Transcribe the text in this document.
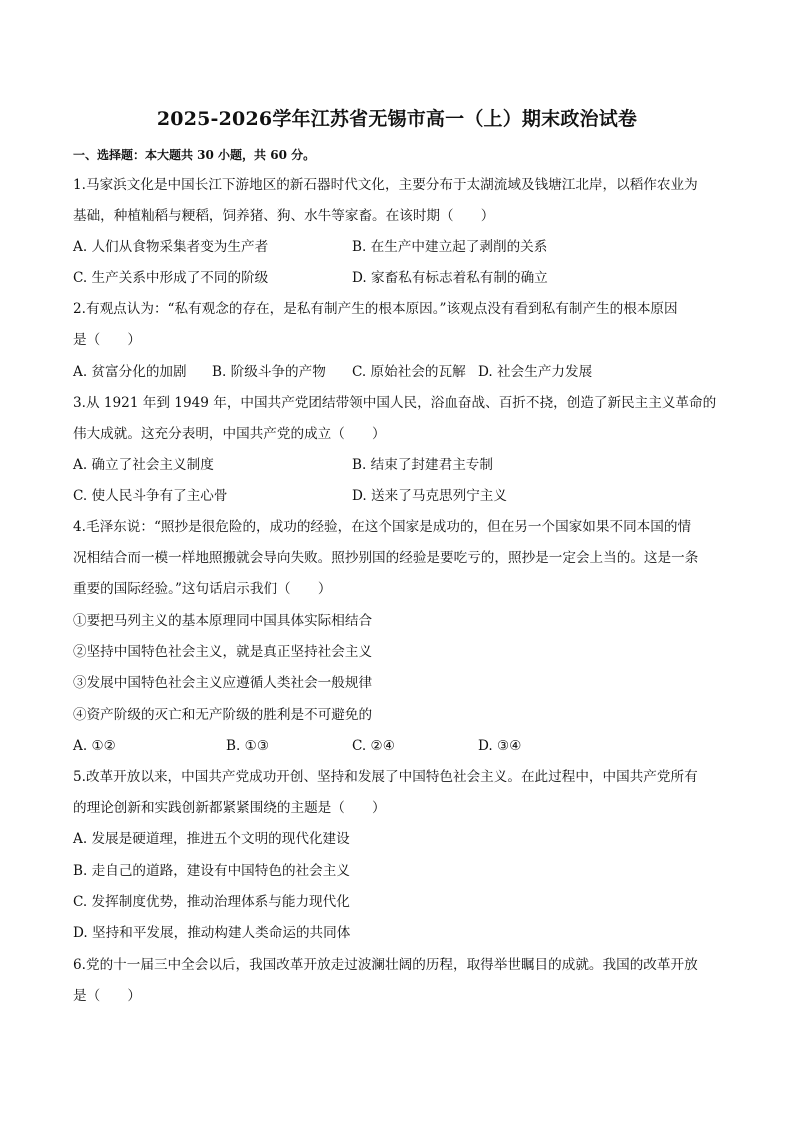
2025-2026学年江苏省无锡市高一（上）期末政治试卷
一、选择题：本大题共 30 小题，共 60 分。
1.马家浜文化是中国长江下游地区的新石器时代文化，主要分布于太湖流域及钱塘江北岸，以稻作农业为
基础，种植籼稻与粳稻，饲养猪、狗、水牛等家畜。在该时期（　　）
A. 人们从食物采集者变为生产者	B. 在生产中建立起了剥削的关系
C. 生产关系中形成了不同的阶级	D. 家畜私有标志着私有制的确立
2.有观点认为：“私有观念的存在，是私有制产生的根本原因。”该观点没有看到私有制产生的根本原因
是（　　）
A. 贫富分化的加剧 B. 阶级斗争的产物 C. 原始社会的瓦解 D. 社会生产力发展
3.从 1921 年到 1949 年，中国共产党团结带领中国人民，浴血奋战、百折不挠，创造了新民主主义革命的
伟大成就。这充分表明，中国共产党的成立（　　）
A. 确立了社会主义制度	B. 结束了封建君主专制
C. 使人民斗争有了主心骨	D. 送来了马克思列宁主义
4.毛泽东说：“照抄是很危险的，成功的经验，在这个国家是成功的，但在另一个国家如果不同本国的情
况相结合而一模一样地照搬就会导向失败。照抄别国的经验是要吃亏的，照抄是一定会上当的。这是一条
重要的国际经验。”这句话启示我们（　　）
①要把马列主义的基本原理同中国具体实际相结合
②坚持中国特色社会主义，就是真正坚持社会主义
③发展中国特色社会主义应遵循人类社会一般规律
④资产阶级的灭亡和无产阶级的胜利是不可避免的
A. ①②	B. ①③	C. ②④	D. ③④
5.改革开放以来，中国共产党成功开创、坚持和发展了中国特色社会主义。在此过程中，中国共产党所有
的理论创新和实践创新都紧紧围绕的主题是（　　）
A. 发展是硬道理，推进五个文明的现代化建设
B. 走自己的道路，建设有中国特色的社会主义
C. 发挥制度优势，推动治理体系与能力现代化
D. 坚持和平发展，推动构建人类命运的共同体
6.党的十一届三中全会以后，我国改革开放走过波澜壮阔的历程，取得举世瞩目的成就。我国的改革开放
是（　　）
